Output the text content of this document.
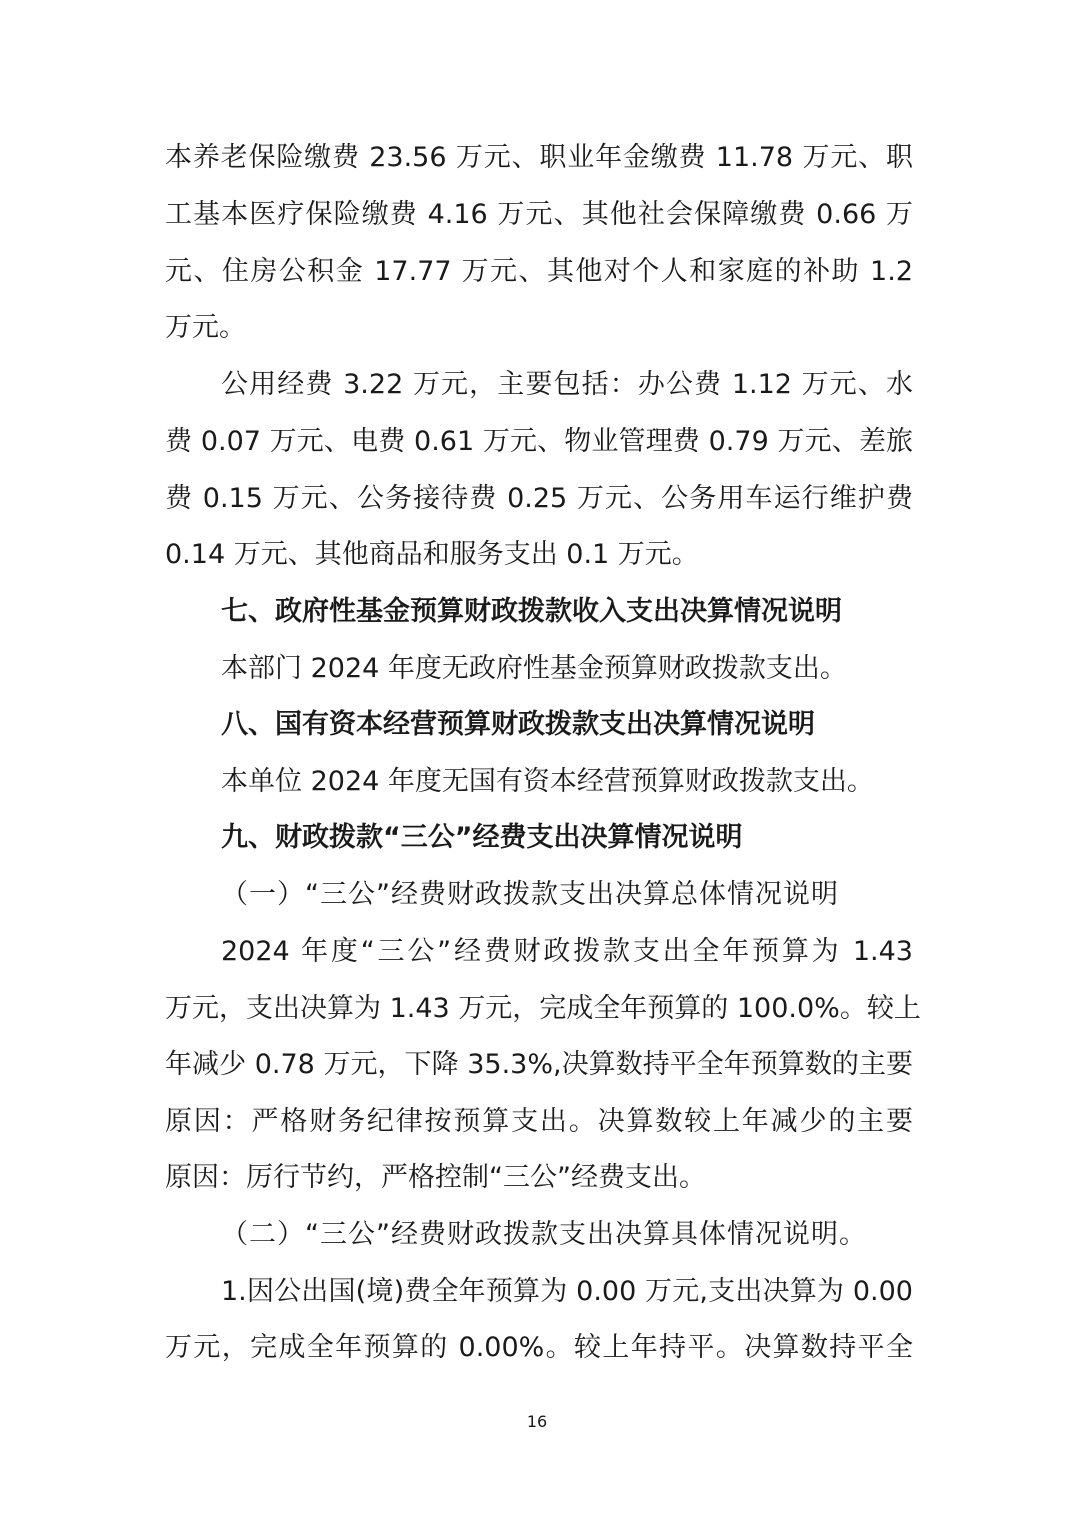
本养老保险缴费 23.56 万元、职业年金缴费 11.78 万元、职
工基本医疗保险缴费 4.16 万元、其他社会保障缴费 0.66 万
元、住房公积金 17.77 万元、其他对个人和家庭的补助 1.2
万元。
公用经费 3.22 万元，主要包括：办公费 1.12 万元、水
费 0.07 万元、电费 0.61 万元、物业管理费 0.79 万元、差旅
费 0.15 万元、公务接待费 0.25 万元、公务用车运行维护费
0.14 万元、其他商品和服务支出 0.1 万元。
七、政府性基金预算财政拨款收入支出决算情况说明
本部门 2024 年度无政府性基金预算财政拨款支出。
八、国有资本经营预算财政拨款支出决算情况说明
本单位 2024 年度无国有资本经营预算财政拨款支出。
九、财政拨款“三公”经费支出决算情况说明
（一）“三公”经费财政拨款支出决算总体情况说明
2024 年度“三公”经费财政拨款支出全年预算为 1.43
万元，支出决算为 1.43 万元，完成全年预算的 100.0%。较上
年减少 0.78 万元，下降 35.3%,决算数持平全年预算数的主要
原因：严格财务纪律按预算支出。决算数较上年减少的主要
原因：厉行节约，严格控制“三公”经费支出。
（二）“三公”经费财政拨款支出决算具体情况说明。
1.因公出国(境)费全年预算为 0.00 万元,支出决算为 0.00
万元，完成全年预算的 0.00%。较上年持平。决算数持平全
16
